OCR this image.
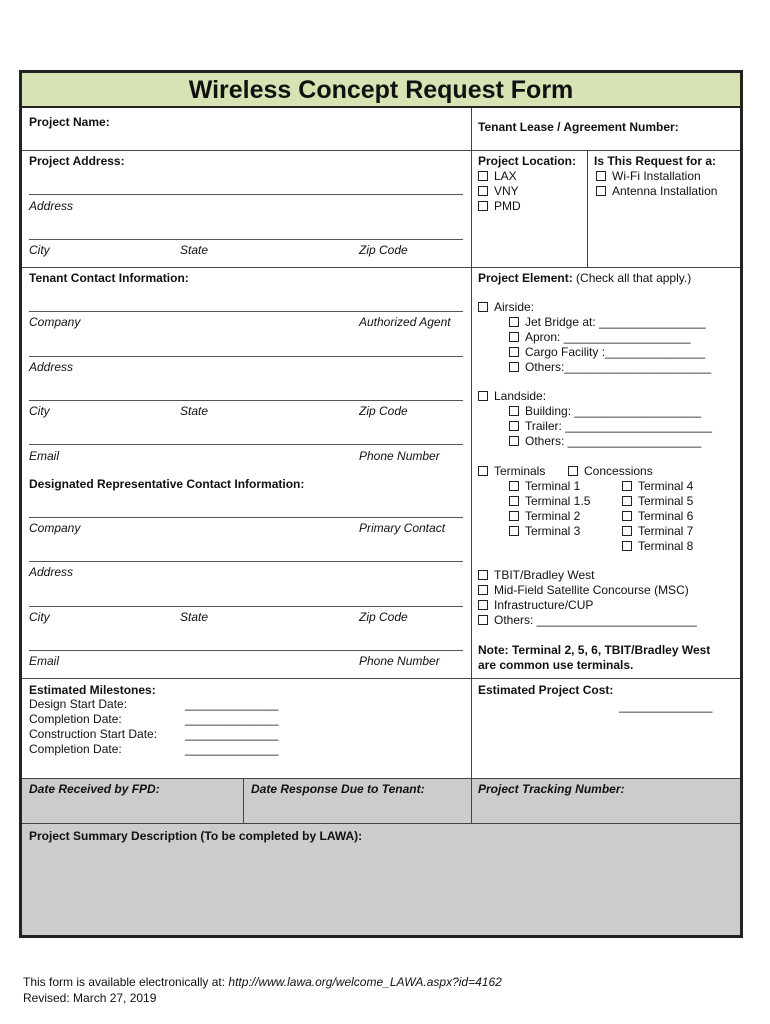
Wireless Concept Request Form
Project Name:	Tenant Lease / Agreement Number:
Project Address:
Address
City	State	Zip Code
Project Location:
LAX
VNY
PMD
Is This Request for a:
Wi-Fi Installation
Antenna Installation
Tenant Contact Information:
Company	Authorized Agent
Address
City	State	Zip Code
Email	Phone Number
Designated Representative Contact Information:
Company	Primary Contact
Address
City	State	Zip Code
Email	Phone Number
Project Element: (Check all that apply.)
Airside:
Jet Bridge at: ________________
Apron: ___________________
Cargo Facility :_______________
Others:______________________
Landside:
Building: ___________________
Trailer: ______________________
Others: ____________________
Terminals	Concessions
Terminal 1
Terminal 1.5
Terminal 2
Terminal 3
Terminal 4
Terminal 5
Terminal 6
Terminal 7
Terminal 8
TBIT/Bradley West
Mid-Field Satellite Concourse (MSC)
Infrastructure/CUP
Others: ________________________
Note: Terminal 2, 5, 6, TBIT/Bradley West
are common use terminals.
Estimated Milestones:
Design Start Date:	______________
Completion Date:	______________
Construction Start Date: ______________
Completion Date:	______________
Estimated Project Cost:
______________
Date Received by FPD:	Date Response Due to Tenant:	Project Tracking Number:
Project Summary Description (To be completed by LAWA):
This form is available electronically at: http://www.lawa.org/welcome_LAWA.aspx?id=4162
Revised: March 27, 2019
